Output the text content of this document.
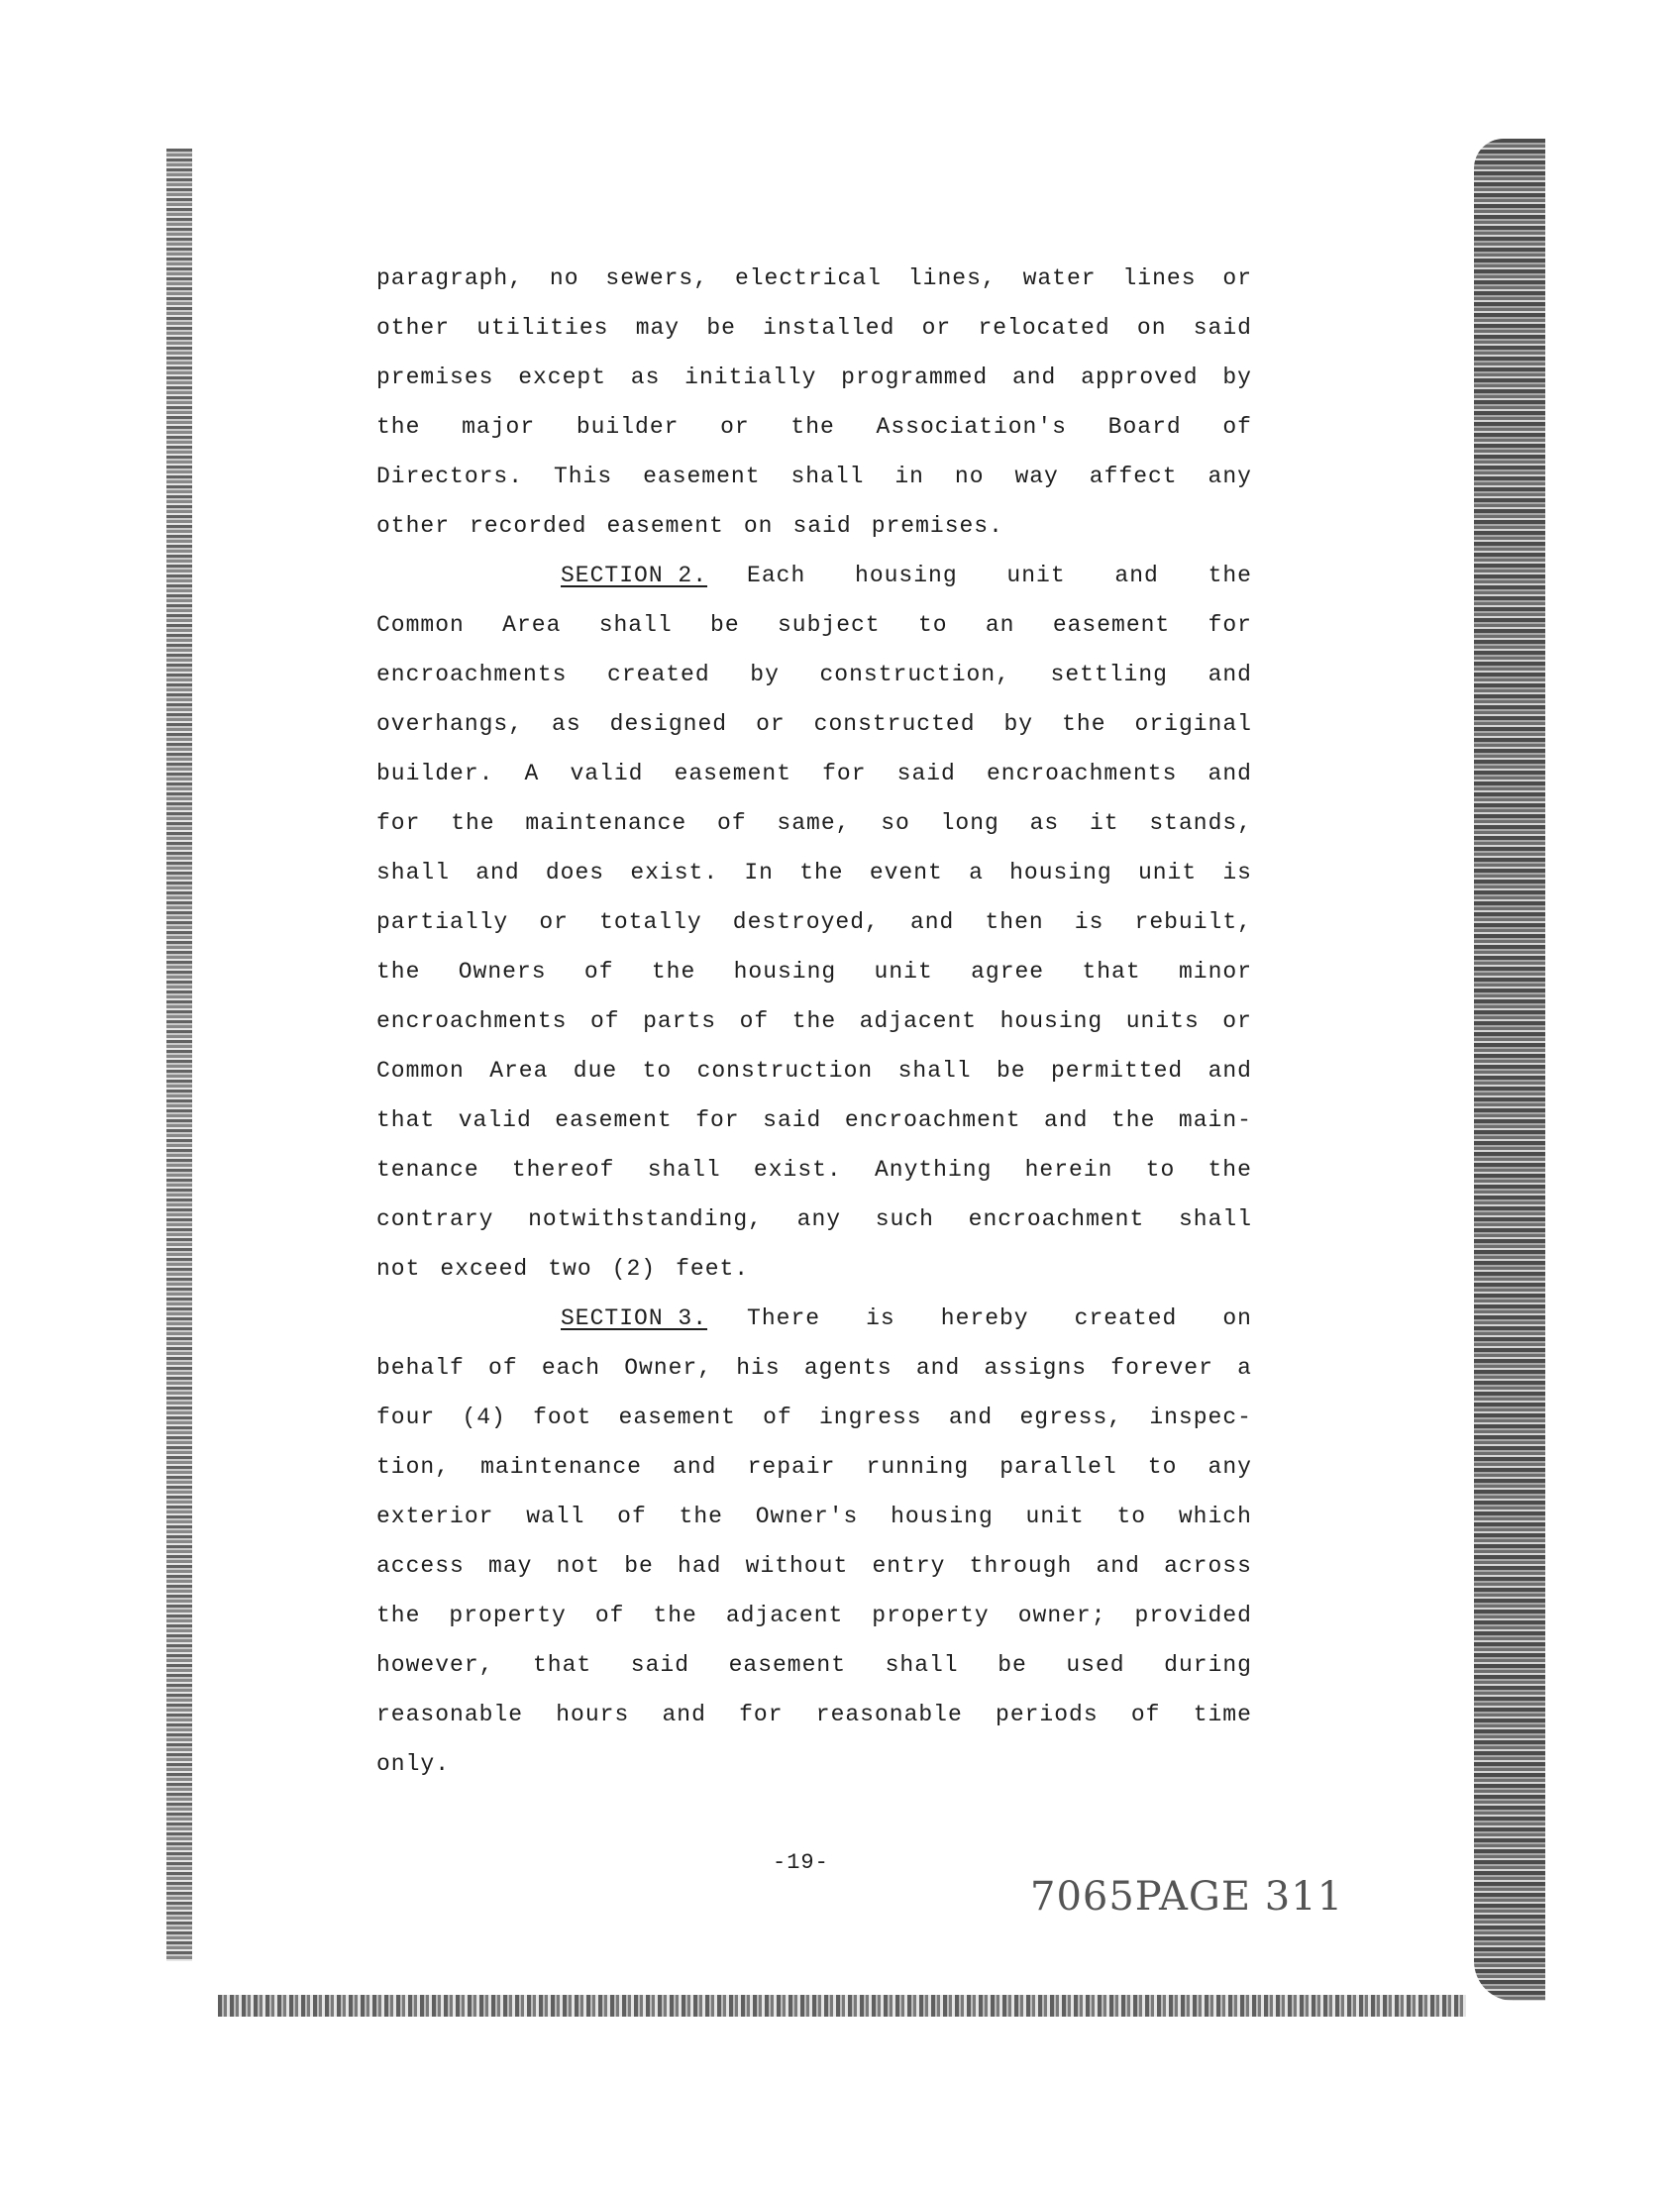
paragraph, no sewers, electrical lines, water lines or
other utilities may be installed or relocated on said
premises except as initially programmed and approved by
the major builder or the Association's Board of
Directors. This easement shall in no way affect any
other recorded easement on said premises.
SECTION 2. Each housing unit and the
Common Area shall be subject to an easement for
encroachments created by construction, settling and
overhangs, as designed or constructed by the original
builder. A valid easement for said encroachments and
for the maintenance of same, so long as it stands,
shall and does exist. In the event a housing unit is
partially or totally destroyed, and then is rebuilt,
the Owners of the housing unit agree that minor
encroachments of parts of the adjacent housing units or
Common Area due to construction shall be permitted and
that valid easement for said encroachment and the main-
tenance thereof shall exist. Anything herein to the
contrary notwithstanding, any such encroachment shall
not exceed two (2) feet.
SECTION 3. There is hereby created on
behalf of each Owner, his agents and assigns forever a
four (4) foot easement of ingress and egress, inspec-
tion, maintenance and repair running parallel to any
exterior wall of the Owner's housing unit to which
access may not be had without entry through and across
the property of the adjacent property owner; provided
however, that said easement shall be used during
reasonable hours and for reasonable periods of time
only.
-19-
7065PAGE 311
